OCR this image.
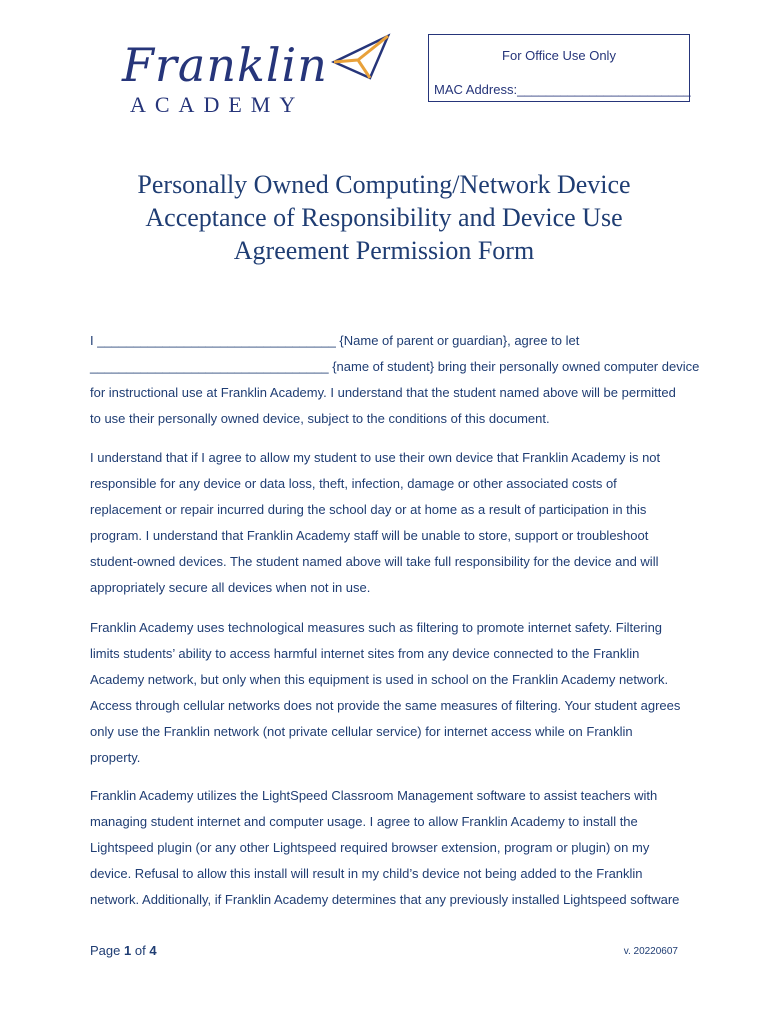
Franklin
ACADEMY
For Office Use Only
MAC Address:________________________
Personally Owned Computing/Network Device
Acceptance of Responsibility and Device Use
Agreement Permission Form
I _________________________________ {Name of parent or guardian}, agree to let
_________________________________ {name of student} bring their personally owned computer device
for instructional use at Franklin Academy. I understand that the student named above will be permitted
to use their personally owned device, subject to the conditions of this document.
I understand that if I agree to allow my student to use their own device that Franklin Academy is not
responsible for any device or data loss, theft, infection, damage or other associated costs of
replacement or repair incurred during the school day or at home as a result of participation in this
program. I understand that Franklin Academy staff will be unable to store, support or troubleshoot
student-owned devices. The student named above will take full responsibility for the device and will
appropriately secure all devices when not in use.
Franklin Academy uses technological measures such as filtering to promote internet safety. Filtering
limits students’ ability to access harmful internet sites from any device connected to the Franklin
Academy network, but only when this equipment is used in school on the Franklin Academy network.
Access through cellular networks does not provide the same measures of filtering. Your student agrees
only use the Franklin network (not private cellular service) for internet access while on Franklin
property.
Franklin Academy utilizes the LightSpeed Classroom Management software to assist teachers with
managing student internet and computer usage. I agree to allow Franklin Academy to install the
Lightspeed plugin (or any other Lightspeed required browser extension, program or plugin) on my
device. Refusal to allow this install will result in my child’s device not being added to the Franklin
network. Additionally, if Franklin Academy determines that any previously installed Lightspeed software
Page 1 of 4	v. 20220607
